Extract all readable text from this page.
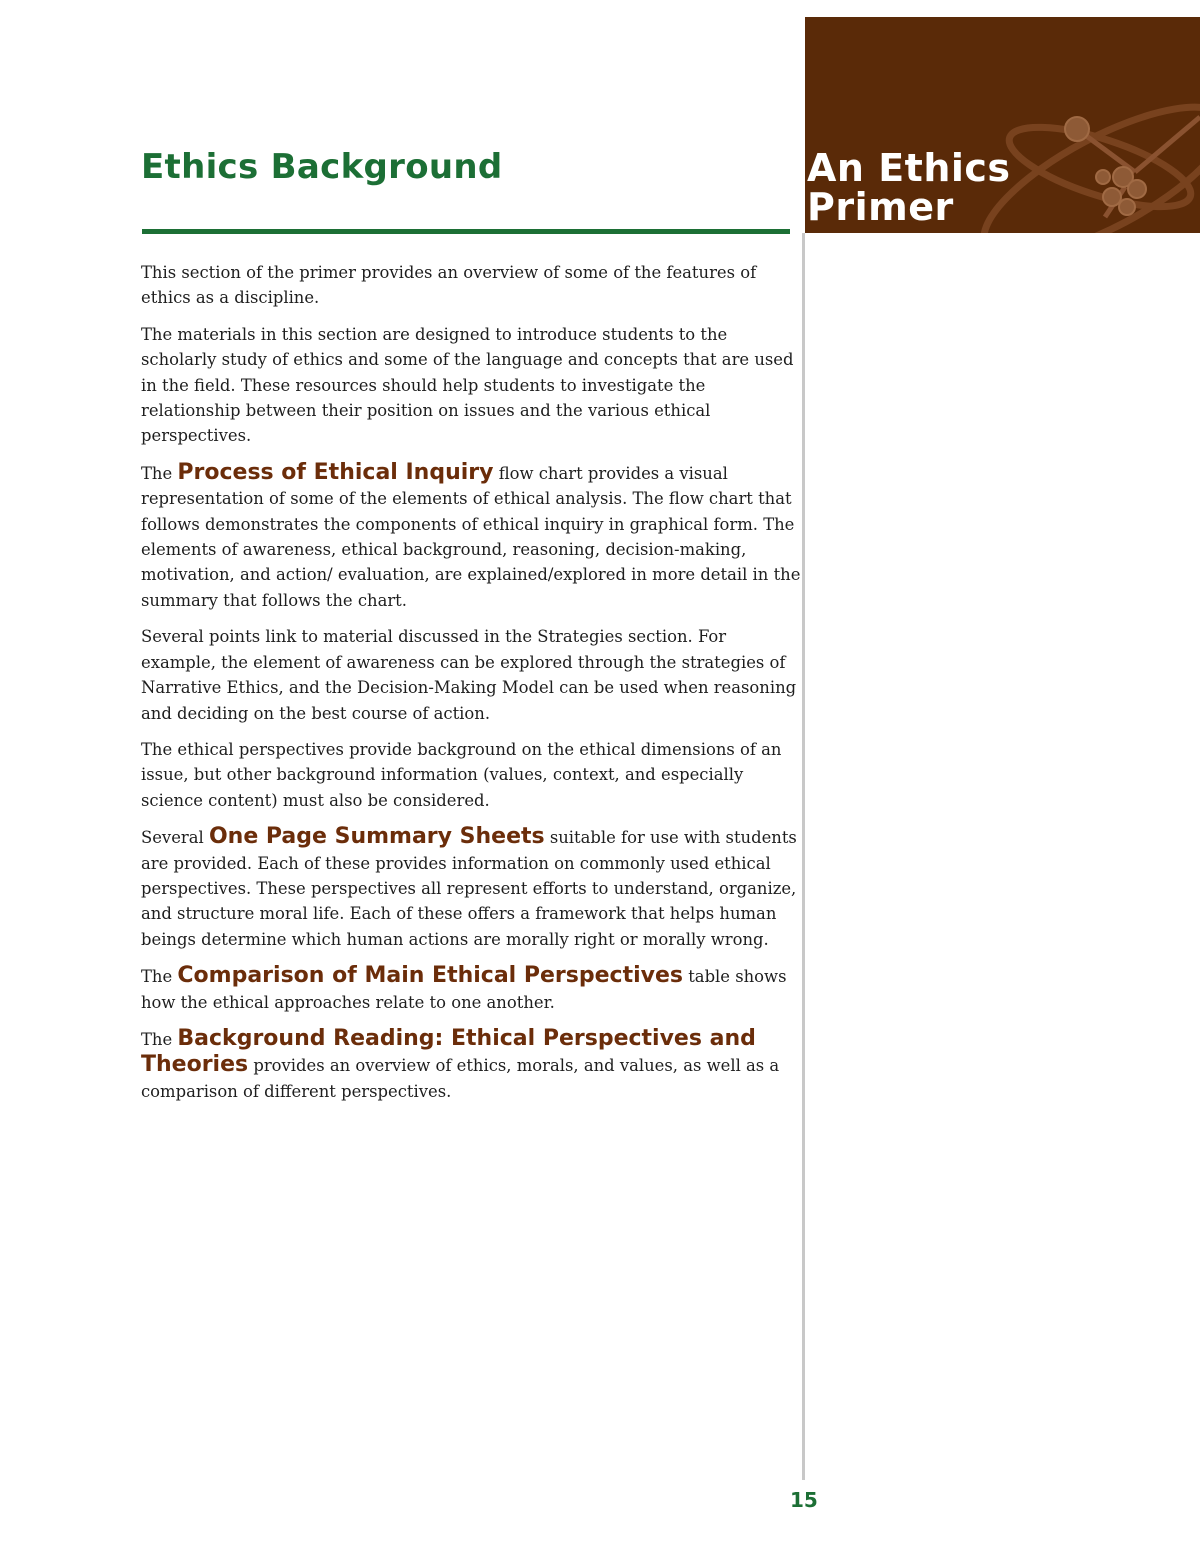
An Ethics
Primer
Ethics Background

This section of the primer provides an overview of some of the features of ethics as a discipline.

The materials in this section are designed to introduce students to the scholarly study of ethics and some of the language and concepts that are used in the field. These resources should help students to investigate the relationship between their position on issues and the various ethical perspectives.

The Process of Ethical Inquiry flow chart provides a visual representation of some of the elements of ethical analysis. The flow chart that follows demonstrates the components of ethical inquiry in graphical form. The elements of awareness, ethical background, reasoning, decision-making, motivation, and action/ evaluation, are explained/explored in more detail in the summary that follows the chart.

Several points link to material discussed in the Strategies section. For example, the element of awareness can be explored through the strategies of Narrative Ethics, and the Decision-Making Model can be used when reasoning and deciding on the best course of action.

The ethical perspectives provide background on the ethical dimensions of an issue, but other background information (values, context, and especially science content) must also be considered.

Several One Page Summary Sheets suitable for use with students are provided. Each of these provides information on commonly used ethical perspectives. These perspectives all represent efforts to understand, organize, and structure moral life. Each of these offers a framework that helps human beings determine which human actions are morally right or morally wrong.

The Comparison of Main Ethical Perspectives table shows how the ethical approaches relate to one another.

The Background Reading: Ethical Perspectives and Theories provides an overview of ethics, morals, and values, as well as a comparison of different perspectives.

15
